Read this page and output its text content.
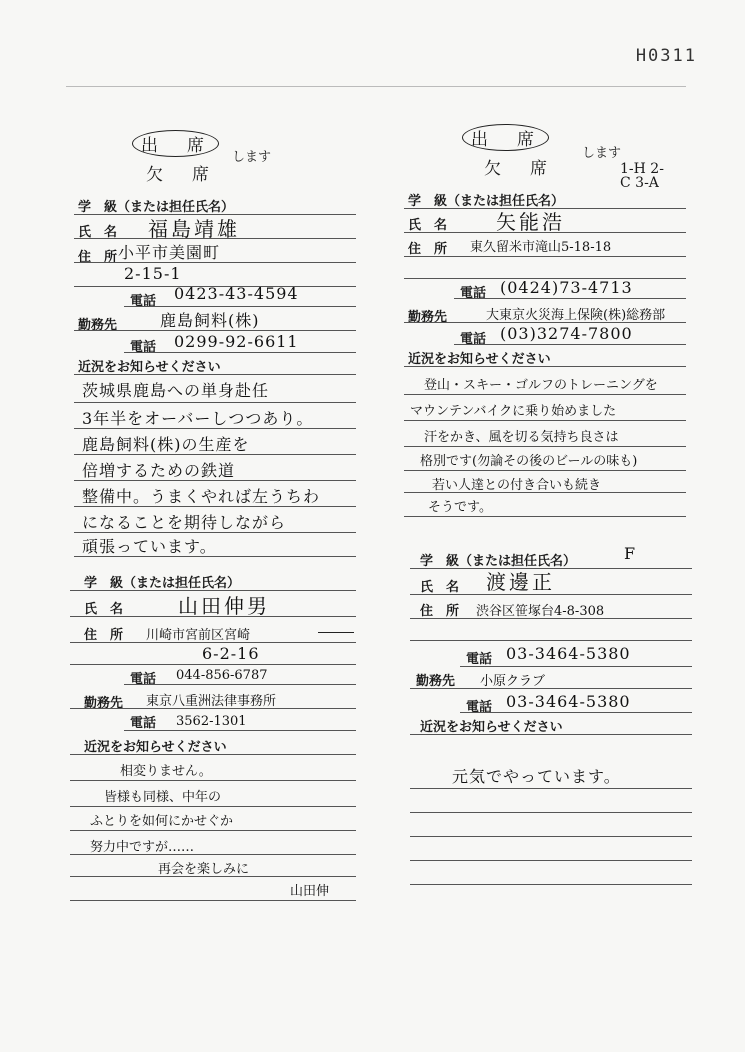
H0311
出　席
します
欠　席
学　級（または担任氏名）
氏　名 福島靖雄
住　所 小平市美園町
2-15-1
電話 0423-43-4594
勤務先	鹿島飼料(株)
電話 0299-92-6611
近況をお知らせください
茨城県鹿島への単身赴任
3年半をオーバーしつつあり。
鹿島飼料(株)の生産を
倍増するための鉄道
整備中。うまくやれば左うちわ
になることを期待しながら
頑張っています。
出　席
します
欠　席	1-H 2-C 3-A
学　級（または担任氏名）
氏　名 矢能浩
住　所 東久留米市滝山5-18-18
電話 (0424)73-4713
勤務先	大東京火災海上保険(株)総務部
電話 (03)3274-7800
近況をお知らせください
登山・スキー・ゴルフのトレーニングを
マウンテンバイクに乗り始めました
汗をかき、風を切る気持ち良さは
格別です(勿論その後のビールの味も)
若い人達との付き合いも続き
そうです。
学　級（または担任氏名）
氏　名	山田伸男
住　所 川崎市宮前区宮崎
6-2-16
電話 044-856-6787
勤務先 東京八重洲法律事務所
電話 3562-1301
近況をお知らせください
相変りません。
皆様も同様、中年の
ふとりを如何にかせぐか
努力中ですが……
再会を楽しみに
山田伸
学　級（または担任氏名）	F
氏　名 渡邊正
住　所 渋谷区笹塚台4-8-308
電話 03-3464-5380
勤務先 小原クラブ
電話 03-3464-5380
近況をお知らせください
元気でやっています。
